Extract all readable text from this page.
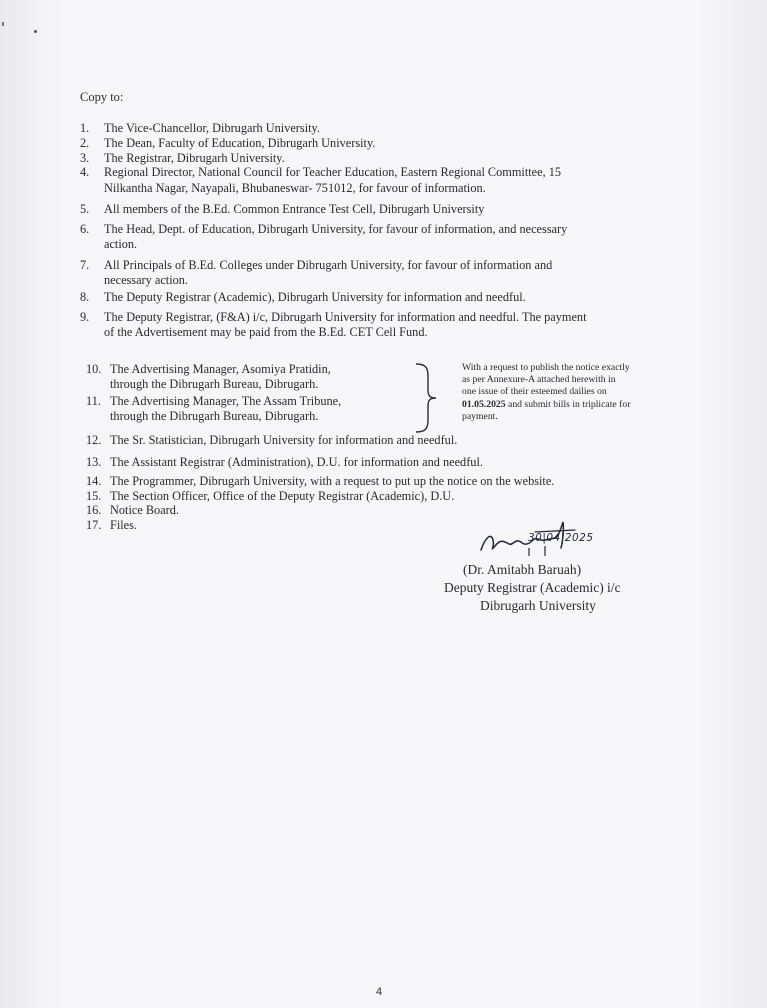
Copy to:
1.	The Vice-Chancellor, Dibrugarh University.
2.	The Dean, Faculty of Education, Dibrugarh University.
3.	The Registrar, Dibrugarh University.
4.	Regional Director, National Council for Teacher Education, Eastern Regional Committee, 15
Nilkantha Nagar, Nayapali, Bhubaneswar- 751012, for favour of information.
5.	All members of the B.Ed. Common Entrance Test Cell, Dibrugarh University
6.	The Head, Dept. of Education, Dibrugarh University, for favour of information, and necessary
action.
7.	All Principals of B.Ed. Colleges under Dibrugarh University, for favour of information and
necessary action.
8.	The Deputy Registrar (Academic), Dibrugarh University for information and needful.
9.	The Deputy Registrar, (F&A) i/c, Dibrugarh University for information and needful. The payment
of the Advertisement may be paid from the B.Ed. CET Cell Fund.
10. The Advertising Manager, Asomiya Pratidin,
through the Dibrugarh Bureau, Dibrugarh.
11. The Advertising Manager, The Assam Tribune,
through the Dibrugarh Bureau, Dibrugarh.
12. The Sr. Statistician, Dibrugarh University for information and needful.
13. The Assistant Registrar (Administration), D.U. for information and needful.
14. The Programmer, Dibrugarh University, with a request to put up the notice on the website.
15. The Section Officer, Office of the Deputy Registrar (Academic), D.U.
16. Notice Board.
17. Files.
With a request to publish the notice exactly
as per Annexure-A attached herewith in
one issue of their esteemed dailies on
01.05.2025 and submit bills in triplicate for
payment.
30|04|2025
(Dr. Amitabh Baruah)
Deputy Registrar (Academic) i/c
Dibrugarh University
4
